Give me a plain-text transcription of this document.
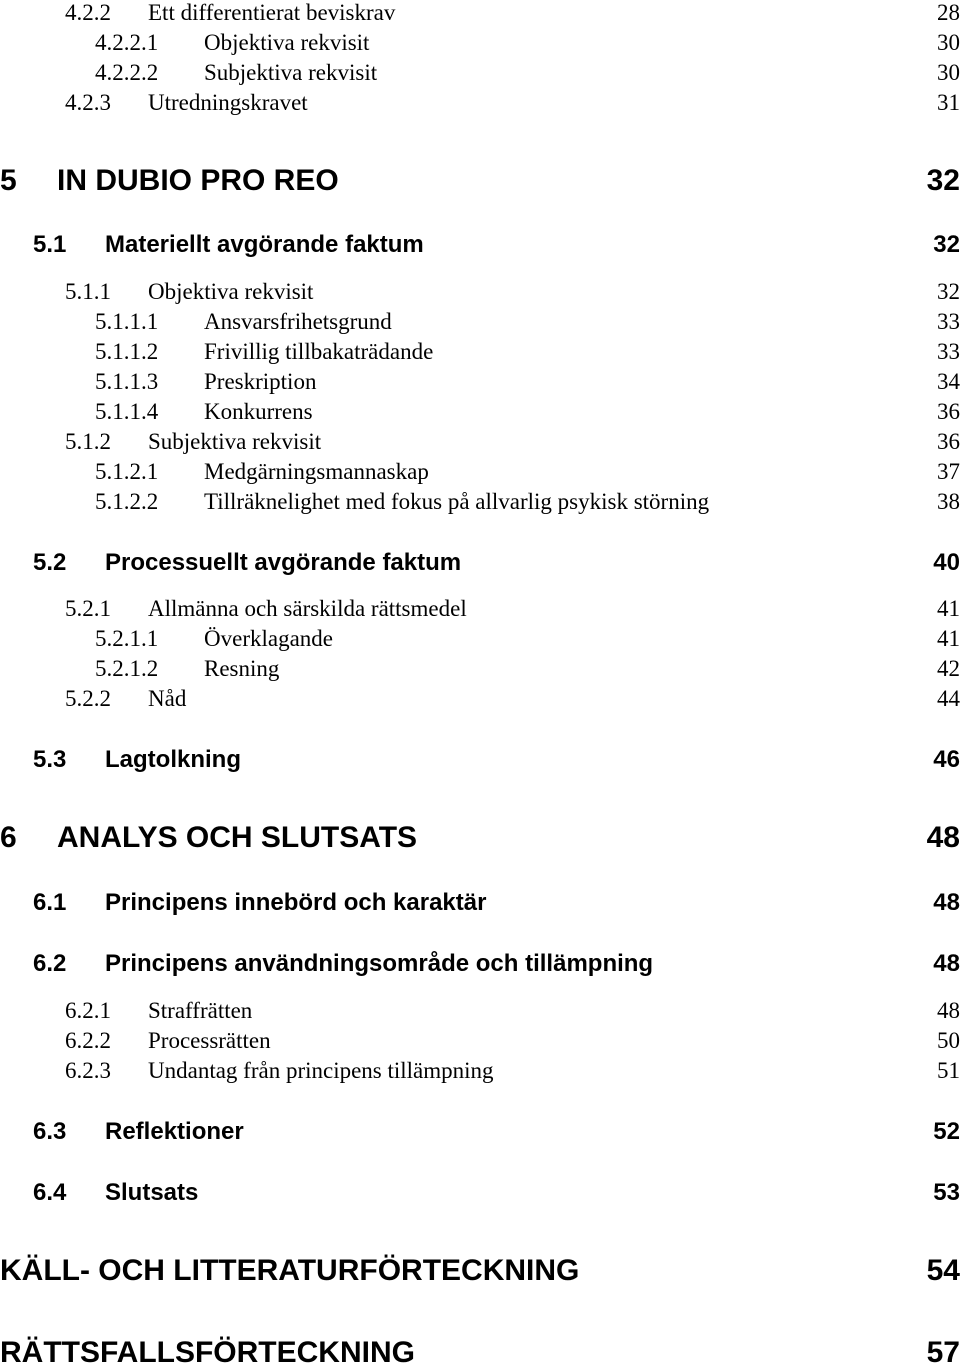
4.2.2 Ett differentierat beviskrav	28
4.2.2.1 Objektiva rekvisit	30
4.2.2.2 Subjektiva rekvisit	30
4.2.3 Utredningskravet	31
5 IN DUBIO PRO REO	32
5.1 Materiellt avgörande faktum	32
5.1.1 Objektiva rekvisit	32
5.1.1.1 Ansvarsfrihetsgrund	33
5.1.1.2 Frivillig tillbakaträdande	33
5.1.1.3 Preskription	34
5.1.1.4 Konkurrens	36
5.1.2 Subjektiva rekvisit	36
5.1.2.1 Medgärningsmannaskap	37
5.1.2.2 Tillräknelighet med fokus på allvarlig psykisk störning	38
5.2 Processuellt avgörande faktum	40
5.2.1 Allmänna och särskilda rättsmedel	41
5.2.1.1 Överklagande	41
5.2.1.2 Resning	42
5.2.2 Nåd	44
5.3 Lagtolkning	46
6 ANALYS OCH SLUTSATS	48
6.1 Principens innebörd och karaktär	48
6.2 Principens användningsområde och tillämpning	48
6.2.1 Straffrätten	48
6.2.2 Processrätten	50
6.2.3 Undantag från principens tillämpning	51
6.3 Reflektioner	52
6.4 Slutsats	53
KÄLL- OCH LITTERATURFÖRTECKNING	54
RÄTTSFALLSFÖRTECKNING	57
